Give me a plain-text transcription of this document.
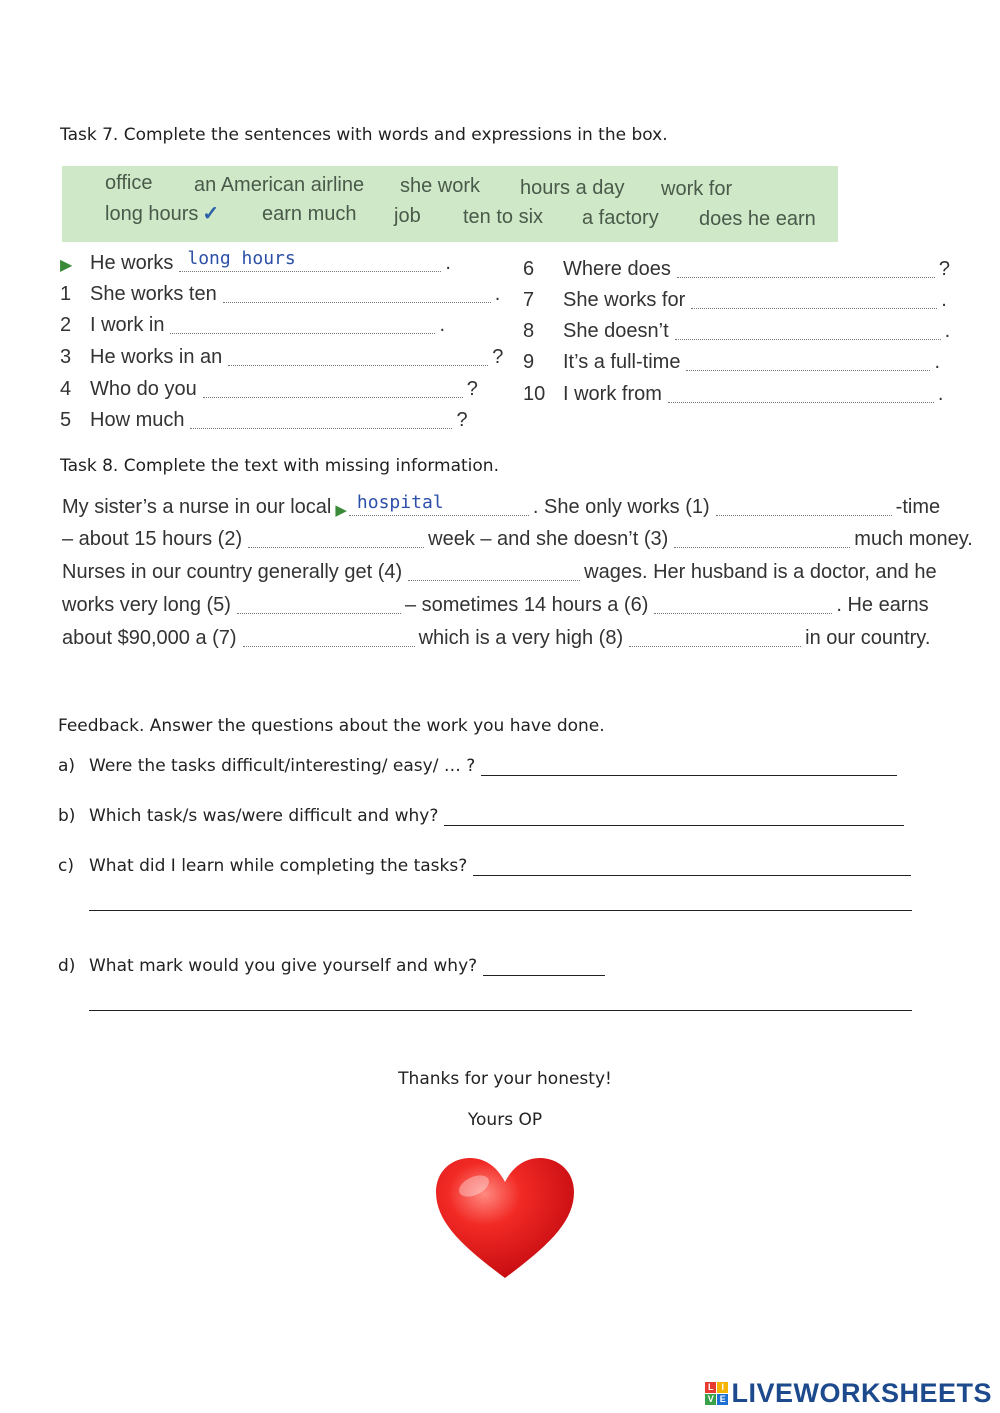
Task 7. Complete the sentences with words and expressions in the box.
office an American airline she work hours a day work for
long hours ✓ earn much job ten to six a factory does he earn
▶ He works long hours	.
1 She works ten	.
2 I work in	.
3 He works in an	?
4 Who do you	?
5 How much	?
6	Where does	?
7	She works for	.
8	She doesn’t	.
9	It’s a full-time	.
10 I work from	.
Task 8. Complete the text with missing information.
My sister’s a nurse in our local ▶ hospital	. She only works (1)	-time
– about 15 hours (2)	week – and she doesn’t (3)	much money.
Nurses in our country generally get (4)	wages. Her husband is a doctor, and he
works very long (5)	– sometimes 14 hours a (6)	. He earns
about $90,000 a (7)	which is a very high (8)	in our country.
Feedback. Answer the questions about the work you have done.
a) Were the tasks difficult/interesting/ easy/ … ?
b) Which task/s was/were difficult and why?
c) What did I learn while completing the tasks?
d) What mark would you give yourself and why?
Thanks for your honesty!
Yours OP
L I
V E LIVEWORKSHEETS
